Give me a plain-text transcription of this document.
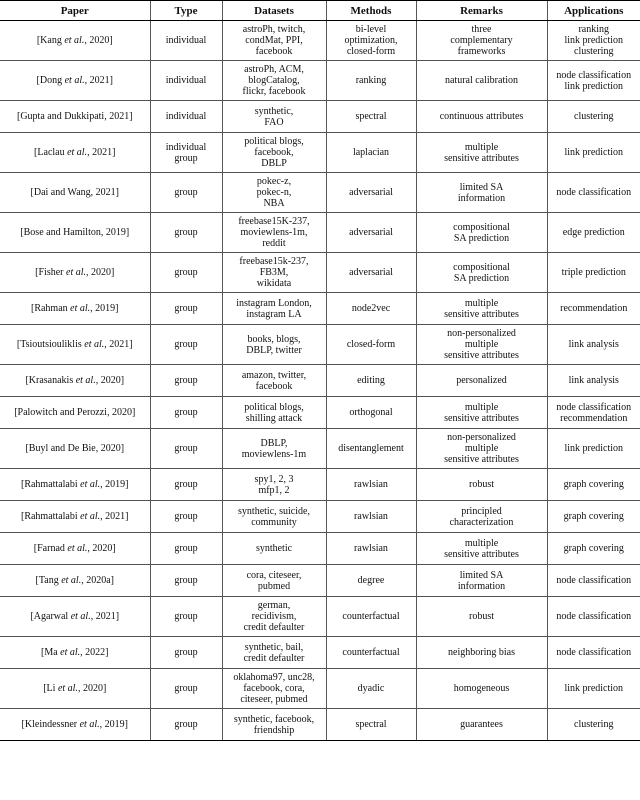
Paper	Type	Datasets	Methods	Remarks	Applications
[Kang et al., 2020]	individual	astroPh, twitch,
condMat, PPI,
facebook	bi-level
optimization,
closed-form	three
complementary
frameworks	ranking
link prediction
clustering

[Dong et al., 2021]	individual	astroPh, ACM,
blogCatalog,
flickr, facebook	ranking	natural calibration	node classification
link prediction

[Gupta and Dukkipati, 2021]	individual	synthetic,
FAO	spectral	continuous attributes	clustering

[Laclau et al., 2021]	individual
group	political blogs,
facebook,
DBLP	laplacian	multiple
sensitive attributes	link prediction

[Dai and Wang, 2021]	group	pokec-z,
pokec-n,
NBA	adversarial	limited SA
information	node classification

[Bose and Hamilton, 2019]	group	freebase15K-237,
moviewlens-1m,
reddit	adversarial	compositional
SA prediction	edge prediction

[Fisher et al., 2020]	group	freebase15k-237,
FB3M,
wikidata	adversarial	compositional
SA prediction	triple prediction

[Rahman et al., 2019]	group	instagram London,
instagram LA	node2vec	multiple
sensitive attributes	recommendation

[Tsioutsiouliklis et al., 2021]	group	books, blogs,
DBLP, twitter	closed-form	non-personalized
multiple
sensitive attributes	link analysis

[Krasanakis et al., 2020]	group	amazon, twitter,
facebook	editing	personalized	link analysis

[Palowitch and Perozzi, 2020]	group	political blogs,
shilling attack	orthogonal	multiple
sensitive attributes	node classification
recommendation

[Buyl and De Bie, 2020]	group	DBLP,
moviewlens-1m	disentanglement	non-personalized
multiple
sensitive attributes	link prediction

[Rahmattalabi et al., 2019]	group	spy1, 2, 3
mfp1, 2	rawlsian	robust	graph covering

[Rahmattalabi et al., 2021]	group	synthetic, suicide,
community	rawlsian	principled
characterization	graph covering

[Farnad et al., 2020]	group	synthetic	rawlsian	multiple
sensitive attributes	graph covering

[Tang et al., 2020a]	group	cora, citeseer,
pubmed	degree	limited SA
information	node classification

[Agarwal et al., 2021]	group	german,
recidivism,
credit defaulter	counterfactual	robust	node classification

[Ma et al., 2022]	group	synthetic, bail,
credit defaulter	counterfactual	neighboring bias	node classification

[Li et al., 2020]	group	oklahoma97, unc28,
facebook, cora,
citeseer, pubmed	dyadic	homogeneous	link prediction

[Kleindessner et al., 2019]	group	synthetic, facebook,
friendship	spectral	guarantees	clustering
